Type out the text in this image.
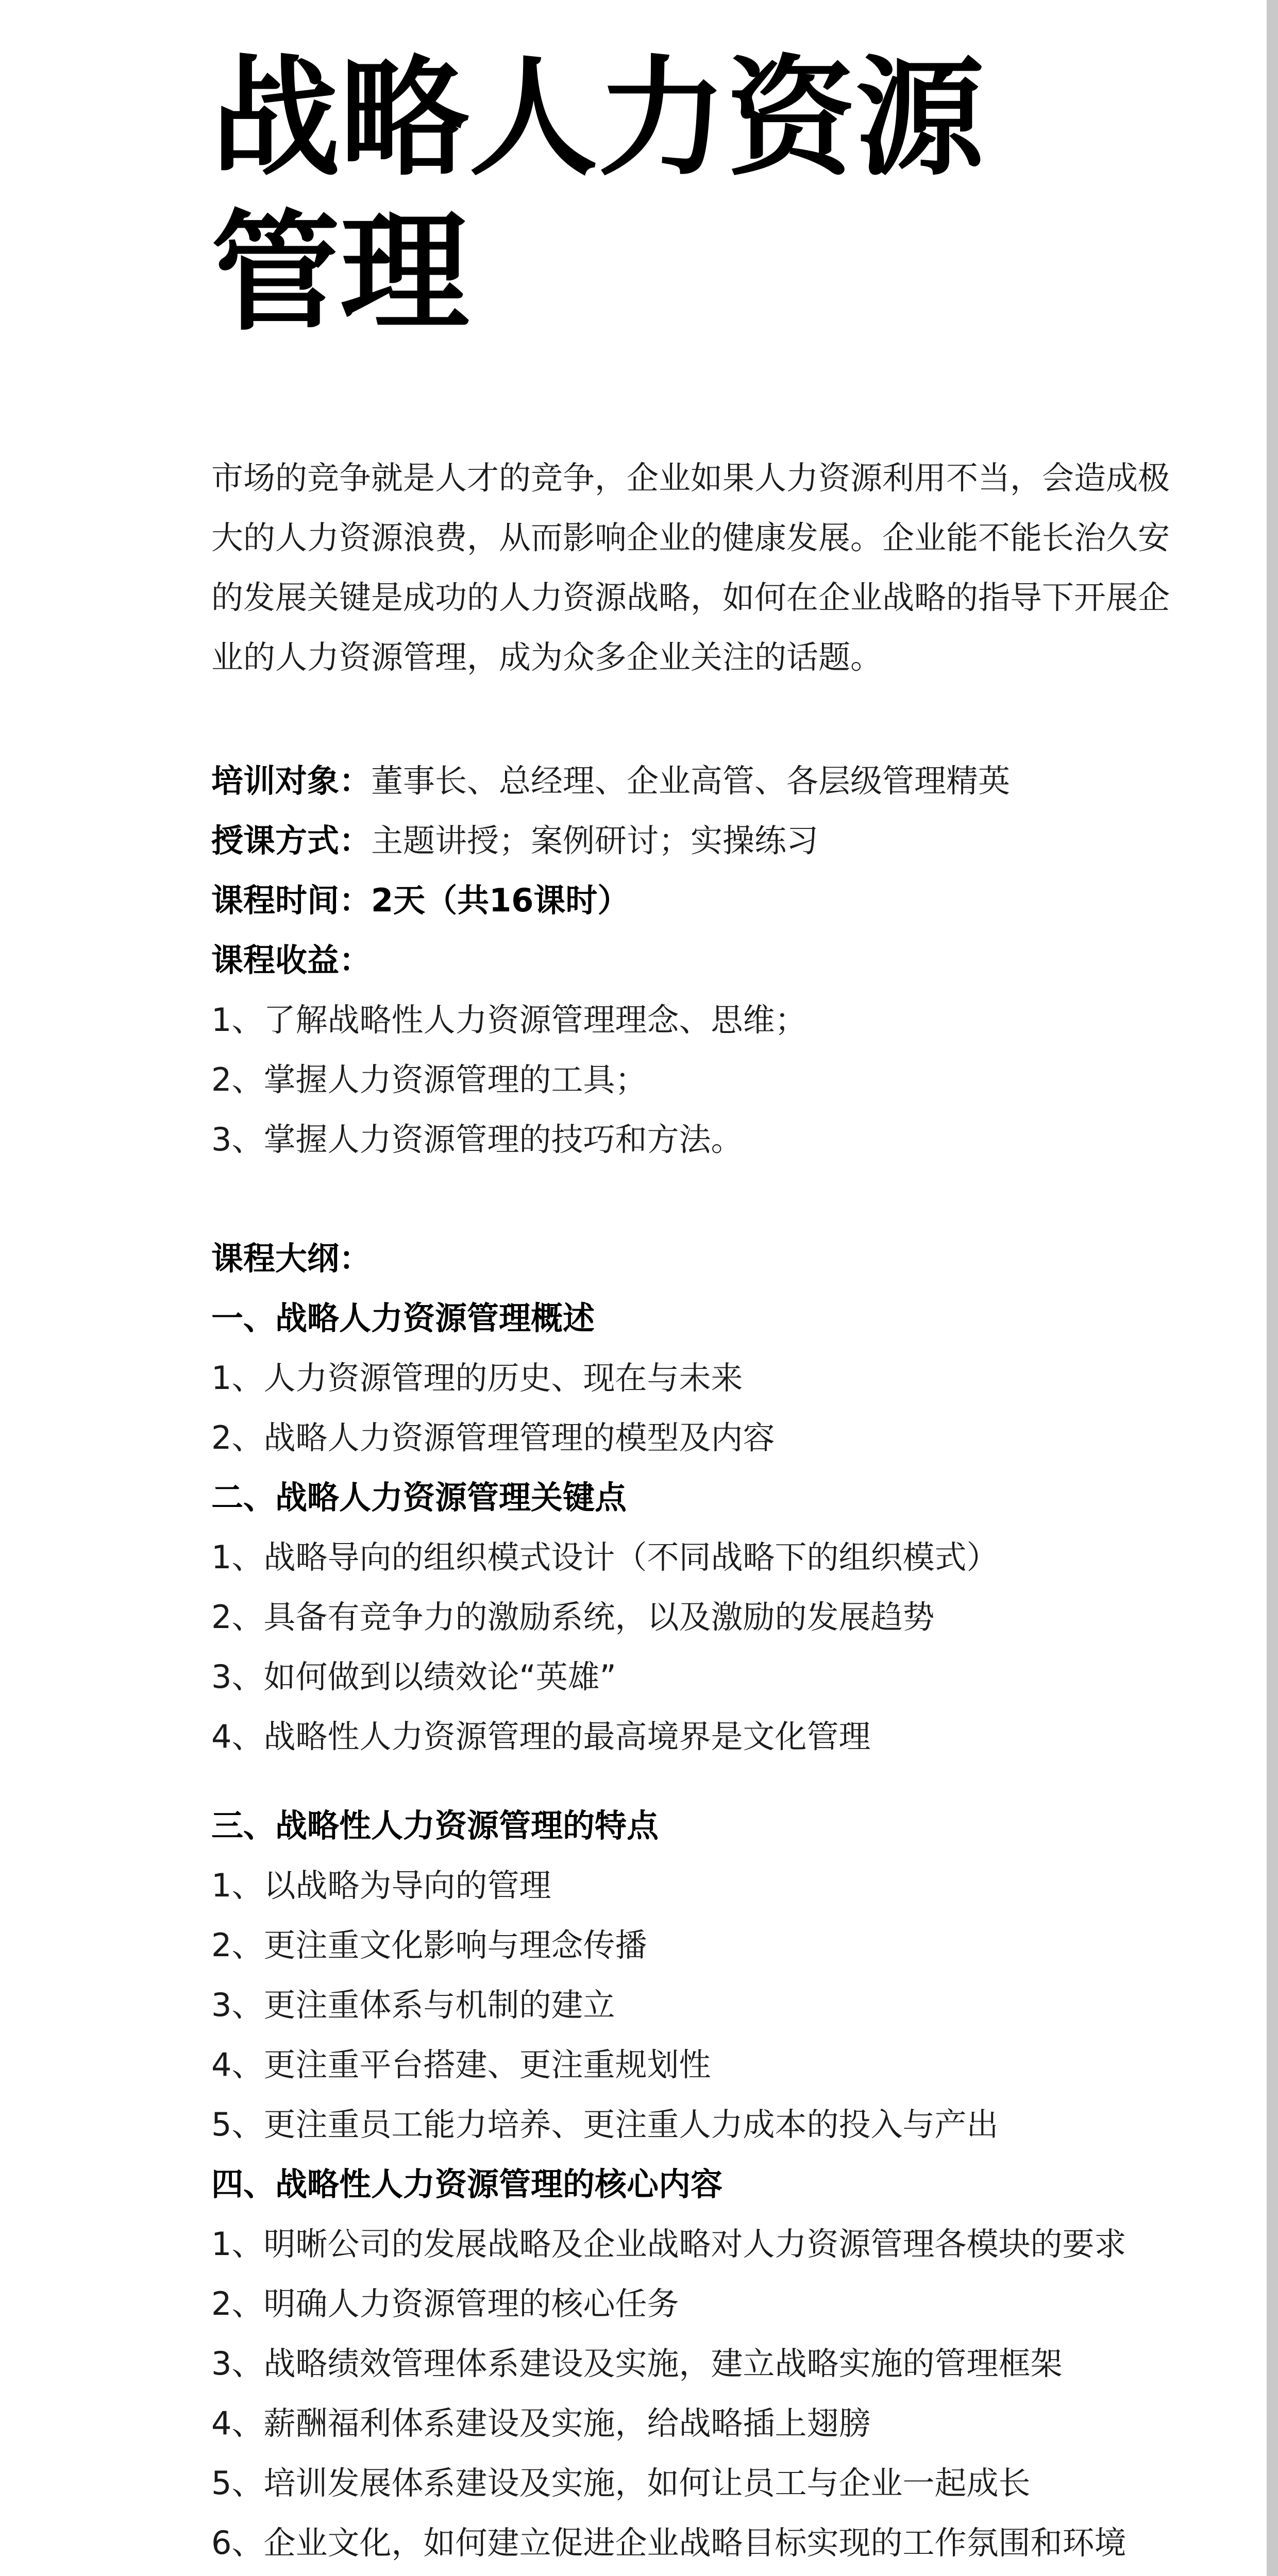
战略人力资源管理

市场的竞争就是人才的竞争，企业如果人力资源利用不当，会造成极大的人力资源浪费，从而影响企业的健康发展。企业能不能长治久安的发展关键是成功的人力资源战略，如何在企业战略的指导下开展企业的人力资源管理，成为众多企业关注的话题。

培训对象：董事长、总经理、企业高管、各层级管理精英

授课方式：主题讲授；案例研讨；实操练习

课程时间：2天（共16课时）

课程收益：

1、了解战略性人力资源管理理念、思维；

2、掌握人力资源管理的工具；

3、掌握人力资源管理的技巧和方法。

课程大纲：

一、战略人力资源管理概述

1、人力资源管理的历史、现在与未来

2、战略人力资源管理管理的模型及内容

二、战略人力资源管理关键点

1、战略导向的组织模式设计（不同战略下的组织模式）

2、具备有竞争力的激励系统，以及激励的发展趋势

3、如何做到以绩效论“英雄”

4、战略性人力资源管理的最高境界是文化管理

三、战略性人力资源管理的特点

1、以战略为导向的管理

2、更注重文化影响与理念传播

3、更注重体系与机制的建立

4、更注重平台搭建、更注重规划性

5、更注重员工能力培养、更注重人力成本的投入与产出

四、战略性人力资源管理的核心内容

1、明晰公司的发展战略及企业战略对人力资源管理各模块的要求

2、明确人力资源管理的核心任务

3、战略绩效管理体系建设及实施，建立战略实施的管理框架

4、薪酬福利体系建设及实施，给战略插上翅膀

5、培训发展体系建设及实施，如何让员工与企业一起成长

6、企业文化，如何建立促进企业战略目标实现的工作氛围和环境
